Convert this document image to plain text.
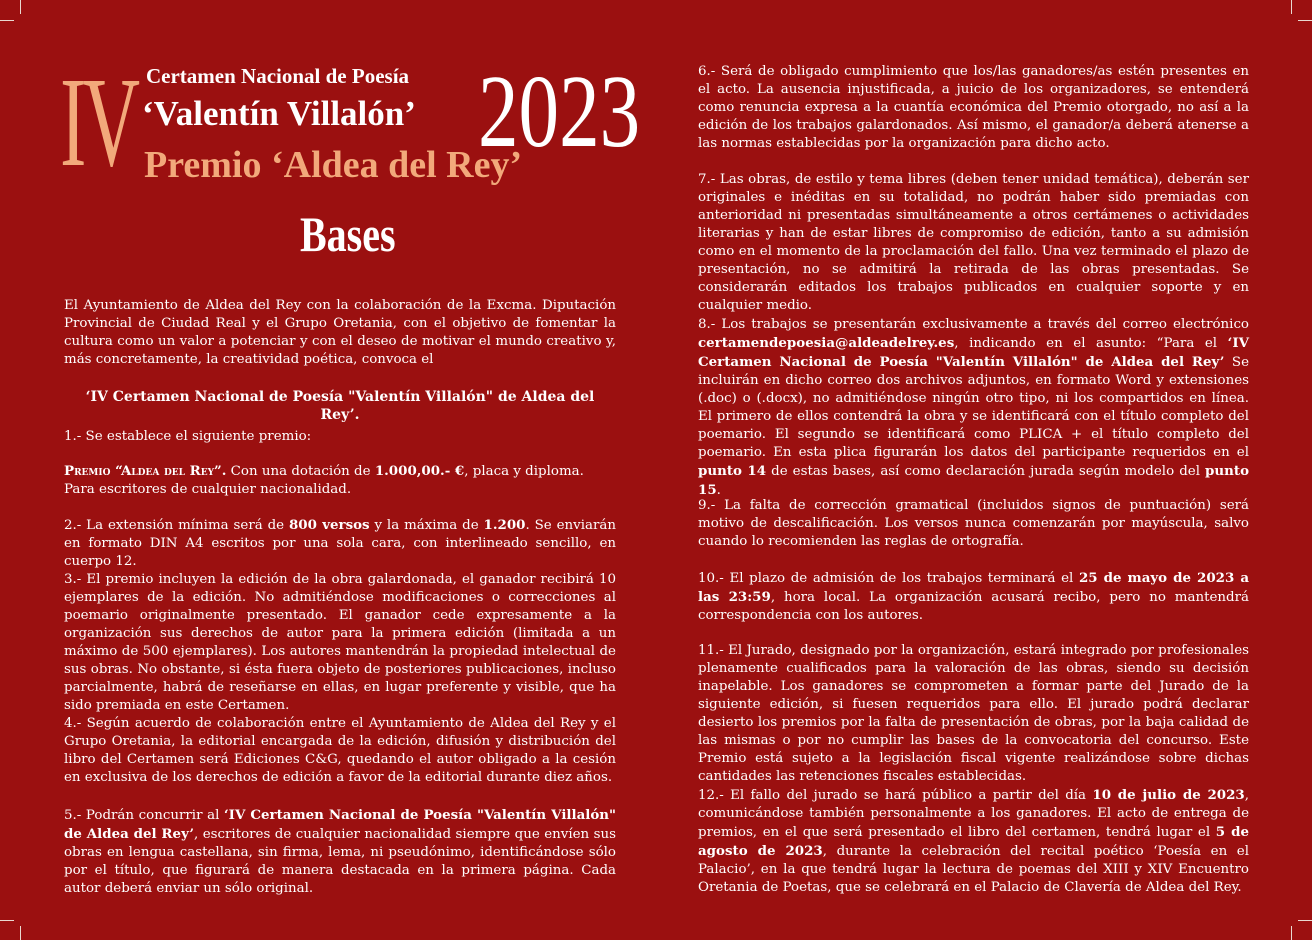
IV Certamen Nacional de Poesía
‘Valentín Villalón’ 2023
Premio ‘Aldea del Rey’
Bases

El Ayuntamiento de Aldea del Rey con la colaboración de la Excma. Diputación Provincial de Ciudad Real y el Grupo Oretania, con el objetivo de fomentar la cultura como un valor a potenciar y con el deseo de motivar el mundo creativo y, más concretamente, la creatividad poética, convoca el

‘IV Certamen Nacional de Poesía "Valentín Villalón" de Aldea del Rey’.

1.- Se establece el siguiente premio:

Premio “Aldea del Rey”. Con una dotación de 1.000,00.- €, placa y diploma.

Para escritores de cualquier nacionalidad.

2.- La extensión mínima será de 800 versos y la máxima de 1.200. Se enviarán en formato DIN A4 escritos por una sola cara, con interlineado sencillo, en cuerpo 12.

3.- El premio incluyen la edición de la obra galardonada, el ganador recibirá 10 ejemplares de la edición. No admitiéndose modificaciones o correcciones al poemario originalmente presentado. El ganador cede expresamente a la organización sus derechos de autor para la primera edición (limitada a un máximo de 500 ejemplares). Los autores mantendrán la propiedad intelectual de sus obras. No obstante, si ésta fuera objeto de posteriores publicaciones, incluso parcialmente, habrá de reseñarse en ellas, en lugar preferente y visible, que ha sido premiada en este Certamen.

4.- Según acuerdo de colaboración entre el Ayuntamiento de Aldea del Rey y el Grupo Oretania, la editorial encargada de la edición, difusión y distribución del libro del Certamen será Ediciones C&G, quedando el autor obligado a la cesión en exclusiva de los derechos de edición a favor de la editorial durante diez años.

5.- Podrán concurrir al ‘IV Certamen Nacional de Poesía "Valentín Villalón" de Aldea del Rey’, escritores de cualquier nacionalidad siempre que envíen sus obras en lengua castellana, sin firma, lema, ni pseudónimo, identificándose sólo por el título, que figurará de manera destacada en la primera página. Cada autor deberá enviar un sólo original.

6.- Será de obligado cumplimiento que los/las ganadores/as estén presentes en el acto. La ausencia injustificada, a juicio de los organizadores, se entenderá como renuncia expresa a la cuantía económica del Premio otorgado, no así a la edición de los trabajos galardonados. Así mismo, el ganador/a deberá atenerse a las normas establecidas por la organización para dicho acto.

7.- Las obras, de estilo y tema libres (deben tener unidad temática), deberán ser originales e inéditas en su totalidad, no podrán haber sido premiadas con anterioridad ni presentadas simultáneamente a otros certámenes o actividades literarias y han de estar libres de compromiso de edición, tanto a su admisión como en el momento de la proclamación del fallo. Una vez terminado el plazo de presentación, no se admitirá la retirada de las obras presentadas. Se considerarán editados los trabajos publicados en cualquier soporte y en cualquier medio.

8.- Los trabajos se presentarán exclusivamente a través del correo electrónico certamendepoesia@aldeadelrey.es, indicando en el asunto: “Para el ‘IV Certamen Nacional de Poesía "Valentín Villalón" de Aldea del Rey’ Se incluirán en dicho correo dos archivos adjuntos, en formato Word y extensiones (.doc) o (.docx), no admitiéndose ningún otro tipo, ni los compartidos en línea. El primero de ellos contendrá la obra y se identificará con el título completo del poemario. El segundo se identificará como PLICA + el título completo del poemario. En esta plica figurarán los datos del participante requeridos en el punto 14 de estas bases, así como declaración jurada según modelo del punto 15.

9.- La falta de corrección gramatical (incluidos signos de puntuación) será motivo de descalificación. Los versos nunca comenzarán por mayúscula, salvo cuando lo recomienden las reglas de ortografía.

10.- El plazo de admisión de los trabajos terminará el 25 de mayo de 2023 a las 23:59, hora local. La organización acusará recibo, pero no mantendrá correspondencia con los autores.

11.- El Jurado, designado por la organización, estará integrado por profesionales plenamente cualificados para la valoración de las obras, siendo su decisión inapelable. Los ganadores se comprometen a formar parte del Jurado de la siguiente edición, si fuesen requeridos para ello. El jurado podrá declarar desierto los premios por la falta de presentación de obras, por la baja calidad de las mismas o por no cumplir las bases de la convocatoria del concurso. Este Premio está sujeto a la legislación fiscal vigente realizándose sobre dichas cantidades las retenciones fiscales establecidas.

12.- El fallo del jurado se hará público a partir del día 10 de julio de 2023, comunicándose también personalmente a los ganadores. El acto de entrega de premios, en el que será presentado el libro del certamen, tendrá lugar el 5 de agosto de 2023, durante la celebración del recital poético ‘Poesía en el Palacio’, en la que tendrá lugar la lectura de poemas del XIII y XIV Encuentro Oretania de Poetas, que se celebrará en el Palacio de Clavería de Aldea del Rey.
